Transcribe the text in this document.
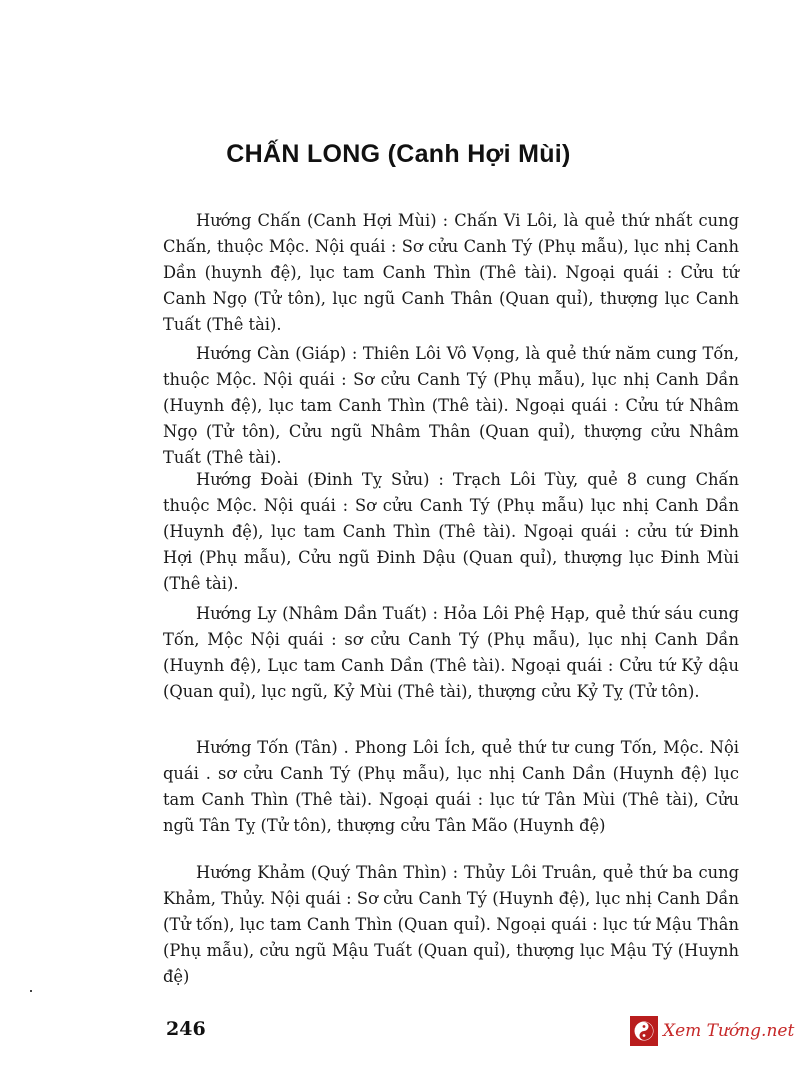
CHẤN LONG (Canh Hợi Mùi)

Hướng Chấn (Canh Hợi Mùi) : Chấn Vi Lôi, là quẻ thứ nhất cung Chấn, thuộc Mộc. Nội quái : Sơ cửu Canh Tý (Phụ mẫu), lục nhị Canh Dần (huynh đệ), lục tam Canh Thìn (Thê tài). Ngoại quái : Cửu tứ Canh Ngọ (Tử tôn), lục ngũ Canh Thân (Quan quỉ), thượng lục Canh Tuất (Thê tài).

Hướng Càn (Giáp) : Thiên Lôi Vô Vọng, là quẻ thứ năm cung Tốn, thuộc Mộc. Nội quái : Sơ cửu Canh Tý (Phụ mẫu), lục nhị Canh Dần (Huynh đệ), lục tam Canh Thìn (Thê tài). Ngoại quái : Cửu tứ Nhâm Ngọ (Tử tôn), Cửu ngũ Nhâm Thân (Quan quỉ), thượng cửu Nhâm Tuất (Thê tài).

Hướng Đoài (Đinh Tỵ Sửu) : Trạch Lôi Tùy, quẻ 8 cung Chấn thuộc Mộc. Nội quái : Sơ cửu Canh Tý (Phụ mẫu) lục nhị Canh Dần (Huynh đệ), lục tam Canh Thìn (Thê tài). Ngoại quái : cửu tứ Đinh Hợi (Phụ mẫu), Cửu ngũ Đinh Dậu (Quan quỉ), thượng lục Đinh Mùi (Thê tài).

Hướng Ly (Nhâm Dần Tuất) : Hỏa Lôi Phệ Hạp, quẻ thứ sáu cung Tốn, Mộc Nội quái : sơ cửu Canh Tý (Phụ mẫu), lục nhị Canh Dần (Huynh đệ), Lục tam Canh Dần (Thê tài). Ngoại quái : Cửu tứ Kỷ dậu (Quan quỉ), lục ngũ, Kỷ Mùi (Thê tài), thượng cửu Kỷ Tỵ (Tử tôn).

Hướng Tốn (Tân) . Phong Lôi Ích, quẻ thứ tư cung Tốn, Mộc. Nội quái . sơ cửu Canh Tý (Phụ mẫu), lục nhị Canh Dần (Huynh đệ) lục tam Canh Thìn (Thê tài). Ngoại quái : lục tứ Tân Mùi (Thê tài), Cửu ngũ Tân Tỵ (Tử tôn), thượng cửu Tân Mão (Huynh đệ)

Hướng Khảm (Quý Thân Thìn) : Thủy Lôi Truân, quẻ thứ ba cung Khảm, Thủy. Nội quái : Sơ cửu Canh Tý (Huynh đệ), lục nhị Canh Dần (Tử tốn), lục tam Canh Thìn (Quan quỉ). Ngoại quái : lục tứ Mậu Thân (Phụ mẫu), cửu ngũ Mậu Tuất (Quan quỉ), thượng lục Mậu Tý (Huynh đệ)

246	Xem Tướng.net
